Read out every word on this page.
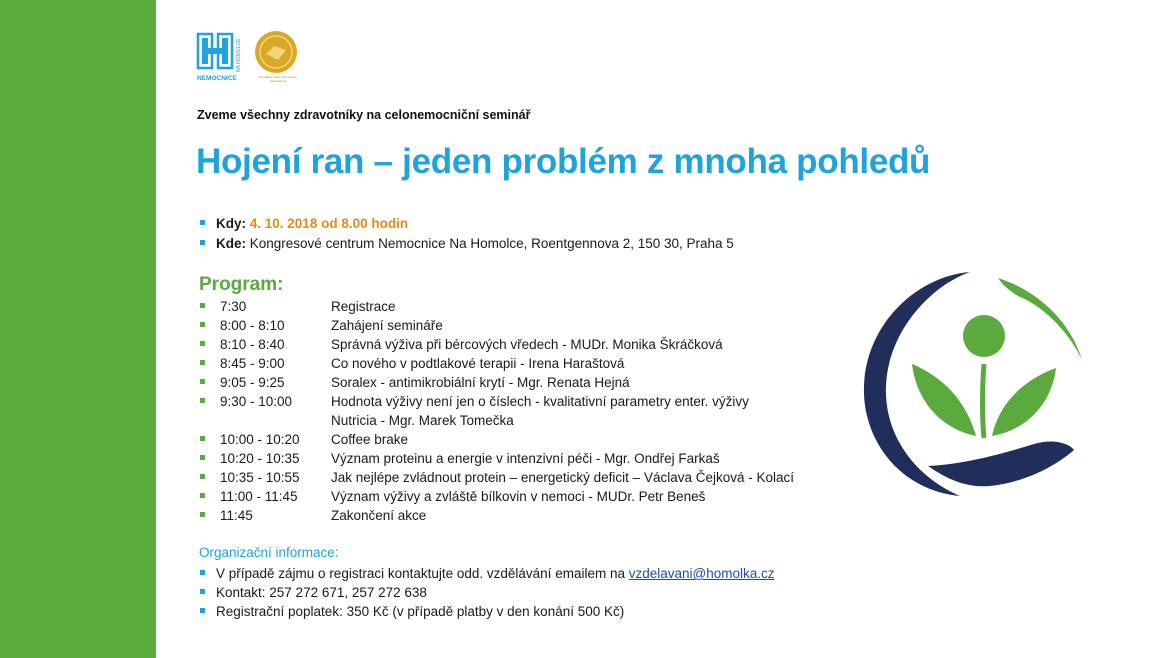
NEMOCNICE
NA HOMOLCE
Akreditace Joint Commission International
Zveme všechny zdravotníky na celonemocniční seminář
Hojení ran – jeden problém z mnoha pohledů
Kdy: 4. 10. 2018 od 8.00 hodin
Kde: Kongresové centrum Nemocnice Na Homolce, Roentgennova 2, 150 30, Praha 5
Program:
7:30	Registrace
8:00 - 8:10	Zahájení semináře
8:10 - 8:40	Správná výživa při bércových vředech - MUDr. Monika Škráčková
8:45 - 9:00	Co nového v podtlakové terapii - Irena Haraštová
9:05 - 9:25	Soralex - antimikrobiální krytí - Mgr. Renata Hejná
9:30 - 10:00	Hodnota výživy není jen o číslech - kvalitativní parametry enter. výživy
Nutricia - Mgr. Marek Tomečka
10:00 - 10:20 Coffee brake
10:20 - 10:35 Význam proteinu a energie v intenzivní péči - Mgr. Ondřej Farkaš
10:35 - 10:55 Jak nejlépe zvládnout protein – energetický deficit – Václava Čejková - Kolací
11:00 - 11:45 Význam výživy a zvláště bílkovin v nemoci - MUDr. Petr Beneš
11:45	Zakončení akce
Organizační informace:
V případě zájmu o registraci kontaktujte odd. vzdělávání emailem na vzdelavani@homolka.cz
Kontakt: 257 272 671, 257 272 638
Registrační poplatek: 350 Kč (v případě platby v den konání 500 Kč)
